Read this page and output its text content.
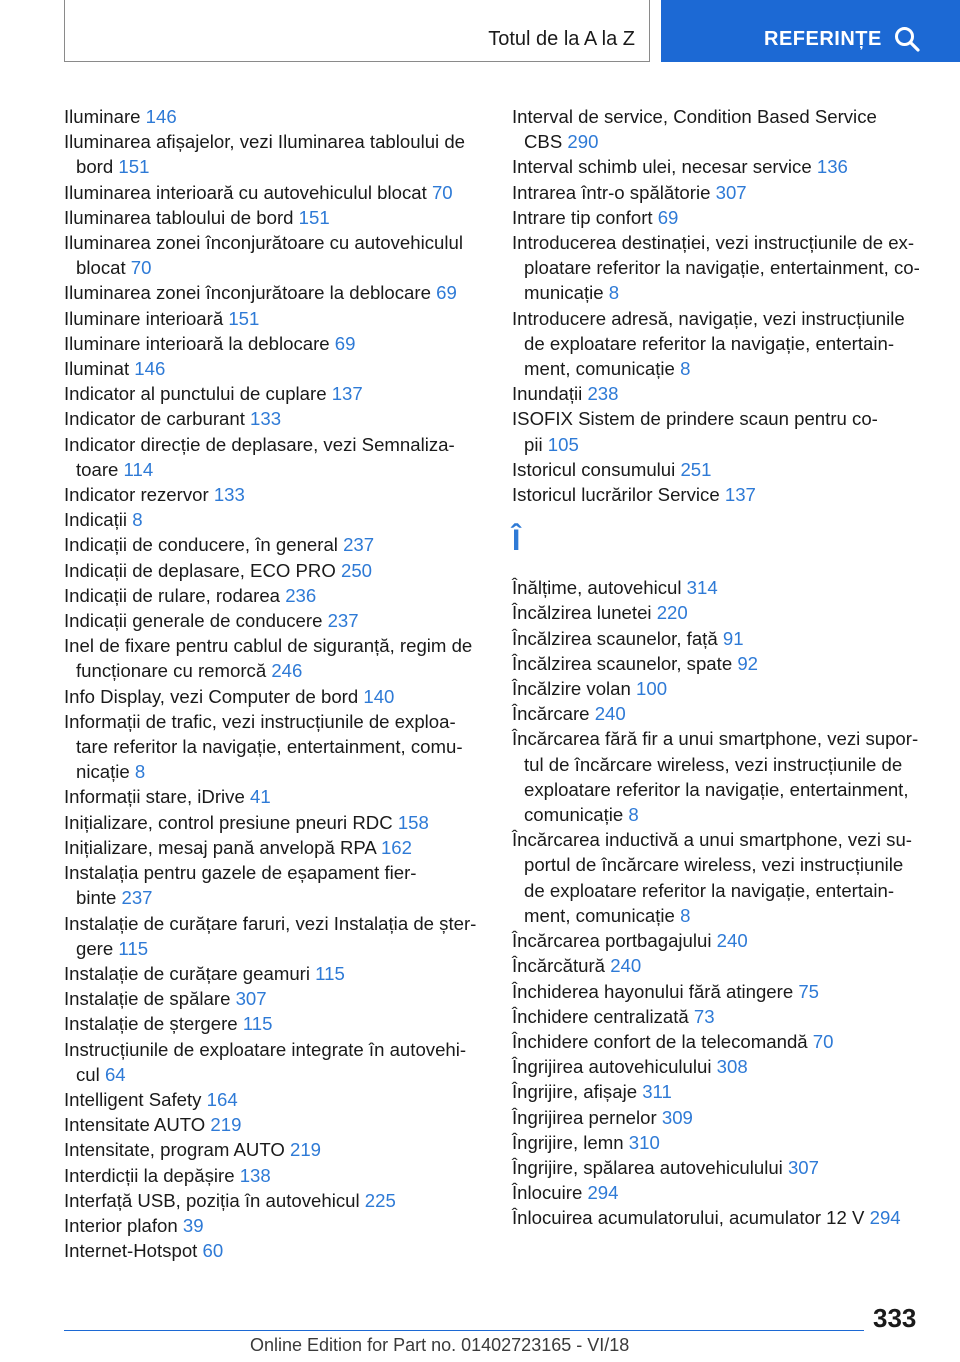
Totul de la A la Z	REFERINȚE
Iluminare 146
Iluminarea afișajelor, vezi Iluminarea tabloului de
bord 151
Iluminarea interioară cu autovehiculul blocat 70
Iluminarea tabloului de bord 151
Iluminarea zonei înconjurătoare cu autovehiculul
blocat 70
Iluminarea zonei înconjurătoare la deblocare 69
Iluminare interioară 151
Iluminare interioară la deblocare 69
Iluminat 146
Indicator al punctului de cuplare 137
Indicator de carburant 133
Indicator direcție de deplasare, vezi Semnaliza-
toare 114
Indicator rezervor 133
Indicații 8
Indicații de conducere, în general 237
Indicații de deplasare, ECO PRO 250
Indicații de rulare, rodarea 236
Indicații generale de conducere 237
Inel de fixare pentru cablul de siguranță, regim de
funcționare cu remorcă 246
Info Display, vezi Computer de bord 140
Informații de trafic, vezi instrucțiunile de exploa-
tare referitor la navigație, entertainment, comu-
nicație 8
Informații stare, iDrive 41
Inițializare, control presiune pneuri RDC 158
Inițializare, mesaj pană anvelopă RPA 162
Instalația pentru gazele de eșapament fier-
binte 237
Instalație de curățare faruri, vezi Instalația de șter-
gere 115
Instalație de curățare geamuri 115
Instalație de spălare 307
Instalație de ștergere 115
Instrucțiunile de exploatare integrate în autovehi-
cul 64
Intelligent Safety 164
Intensitate AUTO 219
Intensitate, program AUTO 219
Interdicții la depășire 138
Interfață USB, poziția în autovehicul 225
Interior plafon 39
Internet-Hotspot 60
Interval de service, Condition Based Service
CBS 290
Interval schimb ulei, necesar service 136
Intrarea într-o spălătorie 307
Intrare tip confort 69
Introducerea destinației, vezi instrucțiunile de ex-
ploatare referitor la navigație, entertainment, co-
municație 8
Introducere adresă, navigație, vezi instrucțiunile
de exploatare referitor la navigație, entertain-
ment, comunicație 8
Inundații 238
ISOFIX Sistem de prindere scaun pentru co-
pii 105
Istoricul consumului 251
Istoricul lucrărilor Service 137
Î
Înălțime, autovehicul 314
Încălzirea lunetei 220
Încălzirea scaunelor, față 91
Încălzirea scaunelor, spate 92
Încălzire volan 100
Încărcare 240
Încărcarea fără fir a unui smartphone, vezi supor-
tul de încărcare wireless, vezi instrucțiunile de
exploatare referitor la navigație, entertainment,
comunicație 8
Încărcarea inductivă a unui smartphone, vezi su-
portul de încărcare wireless, vezi instrucțiunile
de exploatare referitor la navigație, entertain-
ment, comunicație 8
Încărcarea portbagajului 240
Încărcătură 240
Închiderea hayonului fără atingere 75
Închidere centralizată 73
Închidere confort de la telecomandă 70
Îngrijirea autovehiculului 308
Îngrijire, afișaje 311
Îngrijirea pernelor 309
Îngrijire, lemn 310
Îngrijire, spălarea autovehiculului 307
Înlocuire 294
Înlocuirea acumulatorului, acumulator 12 V 294
333
Online Edition for Part no. 01402723165 - VI/18
